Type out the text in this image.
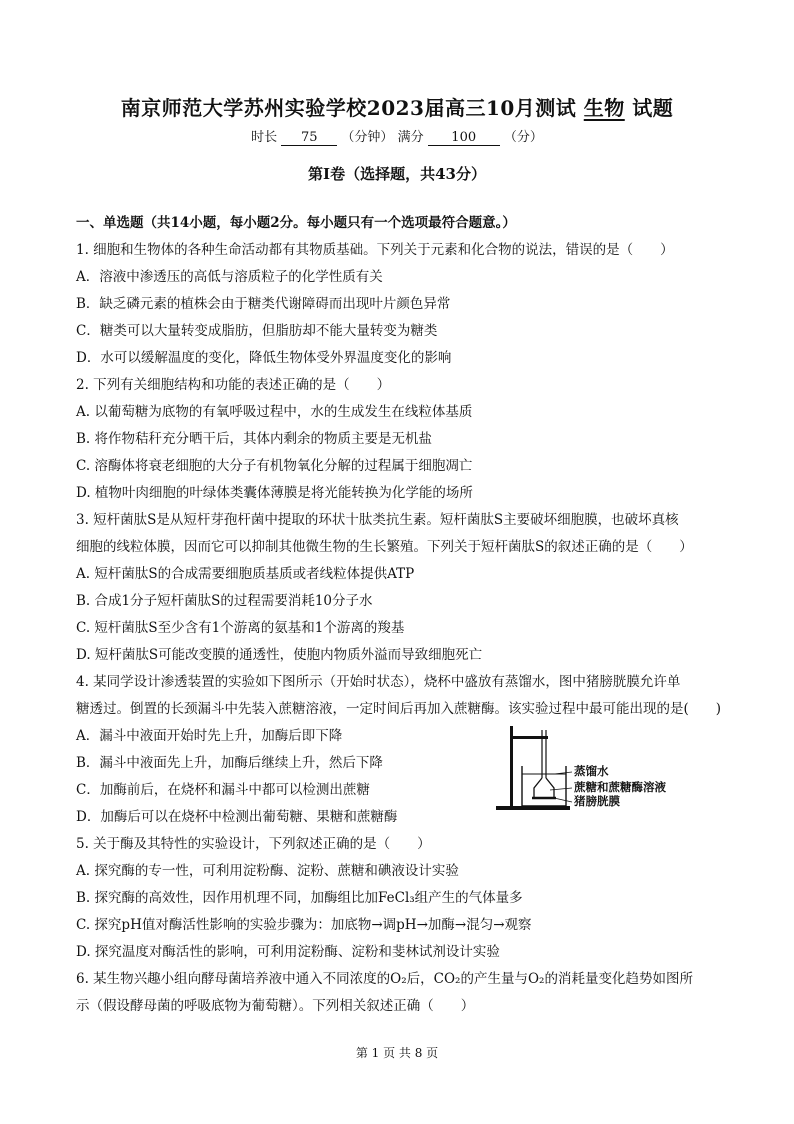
南京师范大学苏州实验学校2023届高三10月测试 生物 试题
时长 75 （分钟） 满分 100 （分）
第Ⅰ卷（选择题，共43分）
一、单选题（共14小题，每小题2分。每小题只有一个选项最符合题意。）
1. 细胞和生物体的各种生命活动都有其物质基础。下列关于元素和化合物的说法，错误的是（　　）
A．溶液中渗透压的高低与溶质粒子的化学性质有关
B．缺乏磷元素的植株会由于糖类代谢障碍而出现叶片颜色异常
C．糖类可以大量转变成脂肪，但脂肪却不能大量转变为糖类
D．水可以缓解温度的变化，降低生物体受外界温度变化的影响
2. 下列有关细胞结构和功能的表述正确的是（　　）
A. 以葡萄糖为底物的有氧呼吸过程中，水的生成发生在线粒体基质
B. 将作物秸秆充分晒干后，其体内剩余的物质主要是无机盐
C. 溶酶体将衰老细胞的大分子有机物氧化分解的过程属于细胞凋亡
D. 植物叶肉细胞的叶绿体类囊体薄膜是将光能转换为化学能的场所
3. 短杆菌肽S是从短杆芽孢杆菌中提取的环状十肽类抗生素。短杆菌肽S主要破坏细胞膜，也破坏真核
细胞的线粒体膜，因而它可以抑制其他微生物的生长繁殖。下列关于短杆菌肽S的叙述正确的是（　　）
A. 短杆菌肽S的合成需要细胞质基质或者线粒体提供ATP
B. 合成1分子短杆菌肽S的过程需要消耗10分子水
C. 短杆菌肽S至少含有1个游离的氨基和1个游离的羧基
D. 短杆菌肽S可能改变膜的通透性，使胞内物质外溢而导致细胞死亡
4. 某同学设计渗透装置的实验如下图所示（开始时状态），烧杯中盛放有蒸馏水，图中猪膀胱膜允许单
糖透过。倒置的长颈漏斗中先装入蔗糖溶液，一定时间后再加入蔗糖酶。该实验过程中最可能出现的是(　　)
A．漏斗中液面开始时先上升，加酶后即下降
B．漏斗中液面先上升，加酶后继续上升，然后下降
C．加酶前后，在烧杯和漏斗中都可以检测出蔗糖
D．加酶后可以在烧杯中检测出葡萄糖、果糖和蔗糖酶
5. 关于酶及其特性的实验设计，下列叙述正确的是（　　）
A. 探究酶的专一性，可利用淀粉酶、淀粉、蔗糖和碘液设计实验
B. 探究酶的高效性，因作用机理不同，加酶组比加FeCl₃组产生的气体量多
C. 探究pH值对酶活性影响的实验步骤为：加底物→调pH→加酶→混匀→观察
D. 探究温度对酶活性的影响，可利用淀粉酶、淀粉和斐林试剂设计实验
6. 某生物兴趣小组向酵母菌培养液中通入不同浓度的O₂后，CO₂的产生量与O₂的消耗量变化趋势如图所
示（假设酵母菌的呼吸底物为葡萄糖）。下列相关叙述正确（　　）
蒸馏水
蔗糖和蔗糖酶溶液
猪膀胱膜
第 1 页 共 8 页
